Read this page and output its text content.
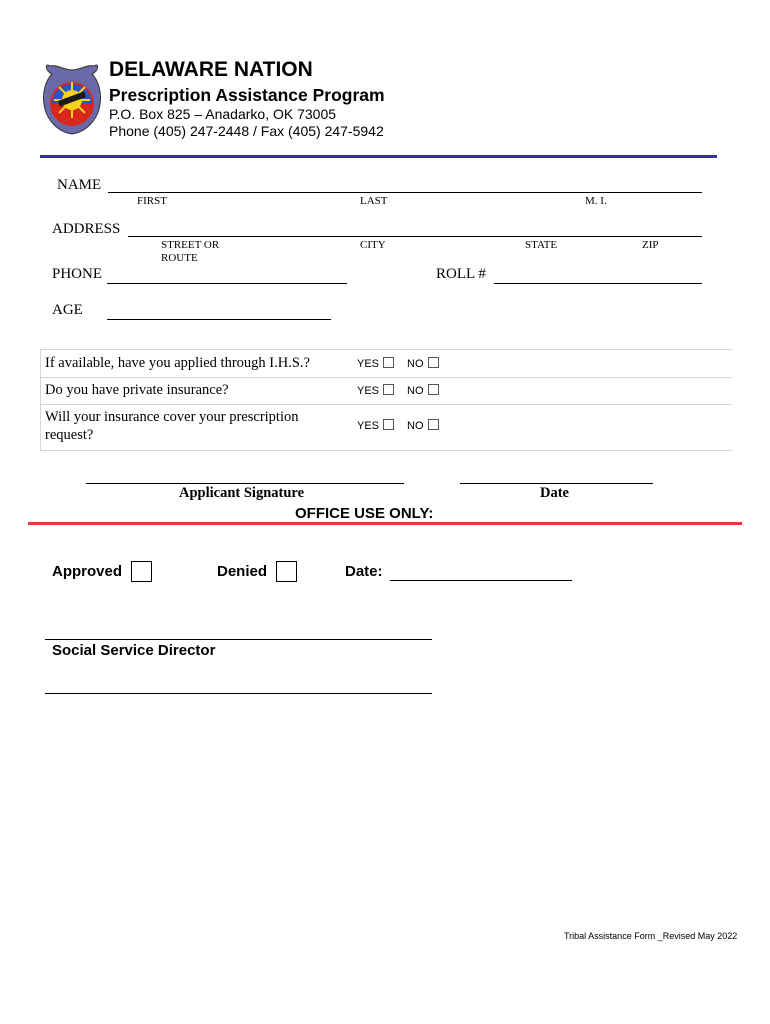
DELAWARE NATION
Prescription Assistance Program
P.O. Box 825 – Anadarko, OK 73005
Phone (405) 247-2448 / Fax (405) 247-5942
NAME
FIRST	LAST	M. I.
ADDRESS
STREET OR
ROUTE
CITY	STATE	ZIP
PHONE	ROLL #
AGE
If available, have you applied through I.H.S.?	YES	NO
Do you have private insurance?	YES	NO
Will your insurance cover your prescription request?
YES	NO
Applicant Signature	Date
OFFICE USE ONLY:
Approved	Denied	Date:
Social Service Director
Tribal Assistance Form _Revised May 2022
